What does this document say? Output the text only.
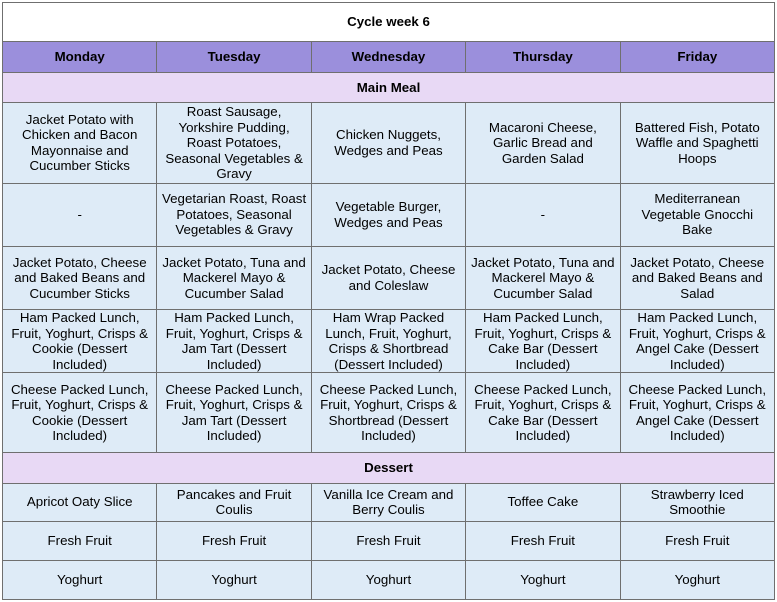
Cycle week 6				
Monday	Tuesday	Wednesday	Thursday	Friday
Main Meal				
Jacket Potato with Chicken and Bacon Mayonnaise and Cucumber Sticks	Roast Sausage, Yorkshire Pudding, Roast Potatoes, Seasonal Vegetables & Gravy	Chicken Nuggets, Wedges and Peas	Macaroni Cheese, Garlic Bread and Garden Salad	Battered Fish, Potato Waffle and Spaghetti Hoops
-	Vegetarian Roast, Roast Potatoes, Seasonal Vegetables & Gravy	Vegetable Burger, Wedges and Peas	-	Mediterranean Vegetable Gnocchi Bake
Jacket Potato, Cheese and Baked Beans and Cucumber Sticks	Jacket Potato, Tuna and Mackerel Mayo & Cucumber Salad	Jacket Potato, Cheese and Coleslaw	Jacket Potato, Tuna and Mackerel Mayo & Cucumber Salad	Jacket Potato, Cheese and Baked Beans and Salad
Ham Packed Lunch, Fruit, Yoghurt, Crisps & Cookie (Dessert Included)	Ham Packed Lunch, Fruit, Yoghurt, Crisps & Jam Tart (Dessert Included)	Ham Wrap Packed Lunch, Fruit, Yoghurt, Crisps & Shortbread (Dessert Included)	Ham Packed Lunch, Fruit, Yoghurt, Crisps & Cake Bar (Dessert Included)	Ham Packed Lunch, Fruit, Yoghurt, Crisps & Angel Cake (Dessert Included)
Cheese Packed Lunch, Fruit, Yoghurt, Crisps & Cookie (Dessert Included)	Cheese Packed Lunch, Fruit, Yoghurt, Crisps & Jam Tart (Dessert Included)	Cheese Packed Lunch, Fruit, Yoghurt, Crisps & Shortbread (Dessert Included)	Cheese Packed Lunch, Fruit, Yoghurt, Crisps & Cake Bar (Dessert Included)	Cheese Packed Lunch, Fruit, Yoghurt, Crisps & Angel Cake (Dessert Included)
Dessert				
Apricot Oaty Slice	Pancakes and Fruit Coulis	Vanilla Ice Cream and Berry Coulis	Toffee Cake	Strawberry Iced Smoothie
Fresh Fruit	Fresh Fruit	Fresh Fruit	Fresh Fruit	Fresh Fruit
Yoghurt	Yoghurt	Yoghurt	Yoghurt	Yoghurt
